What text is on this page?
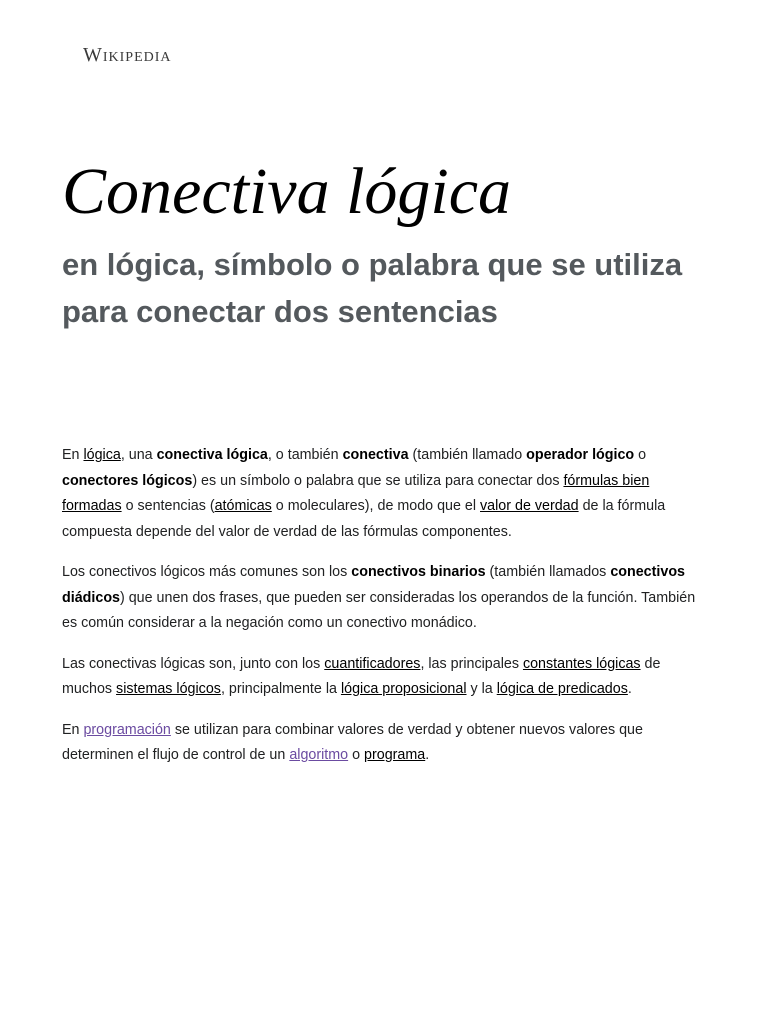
Wikipedia
Conectiva lógica
en lógica, símbolo o palabra que se utiliza para conectar dos sentencias

En lógica, una conectiva lógica, o también conectiva (también llamado operador lógico o conectores lógicos) es un símbolo o palabra que se utiliza para conectar dos fórmulas bien formadas o sentencias (atómicas o moleculares), de modo que el valor de verdad de la fórmula compuesta depende del valor de verdad de las fórmulas componentes.

Los conectivos lógicos más comunes son los conectivos binarios (también llamados conectivos diádicos) que unen dos frases, que pueden ser consideradas los operandos de la función. También es común considerar a la negación como un conectivo monádico.

Las conectivas lógicas son, junto con los cuantificadores, las principales constantes lógicas de muchos sistemas lógicos, principalmente la lógica proposicional y la lógica de predicados.

En programación se utilizan para combinar valores de verdad y obtener nuevos valores que determinen el flujo de control de un algoritmo o programa.
